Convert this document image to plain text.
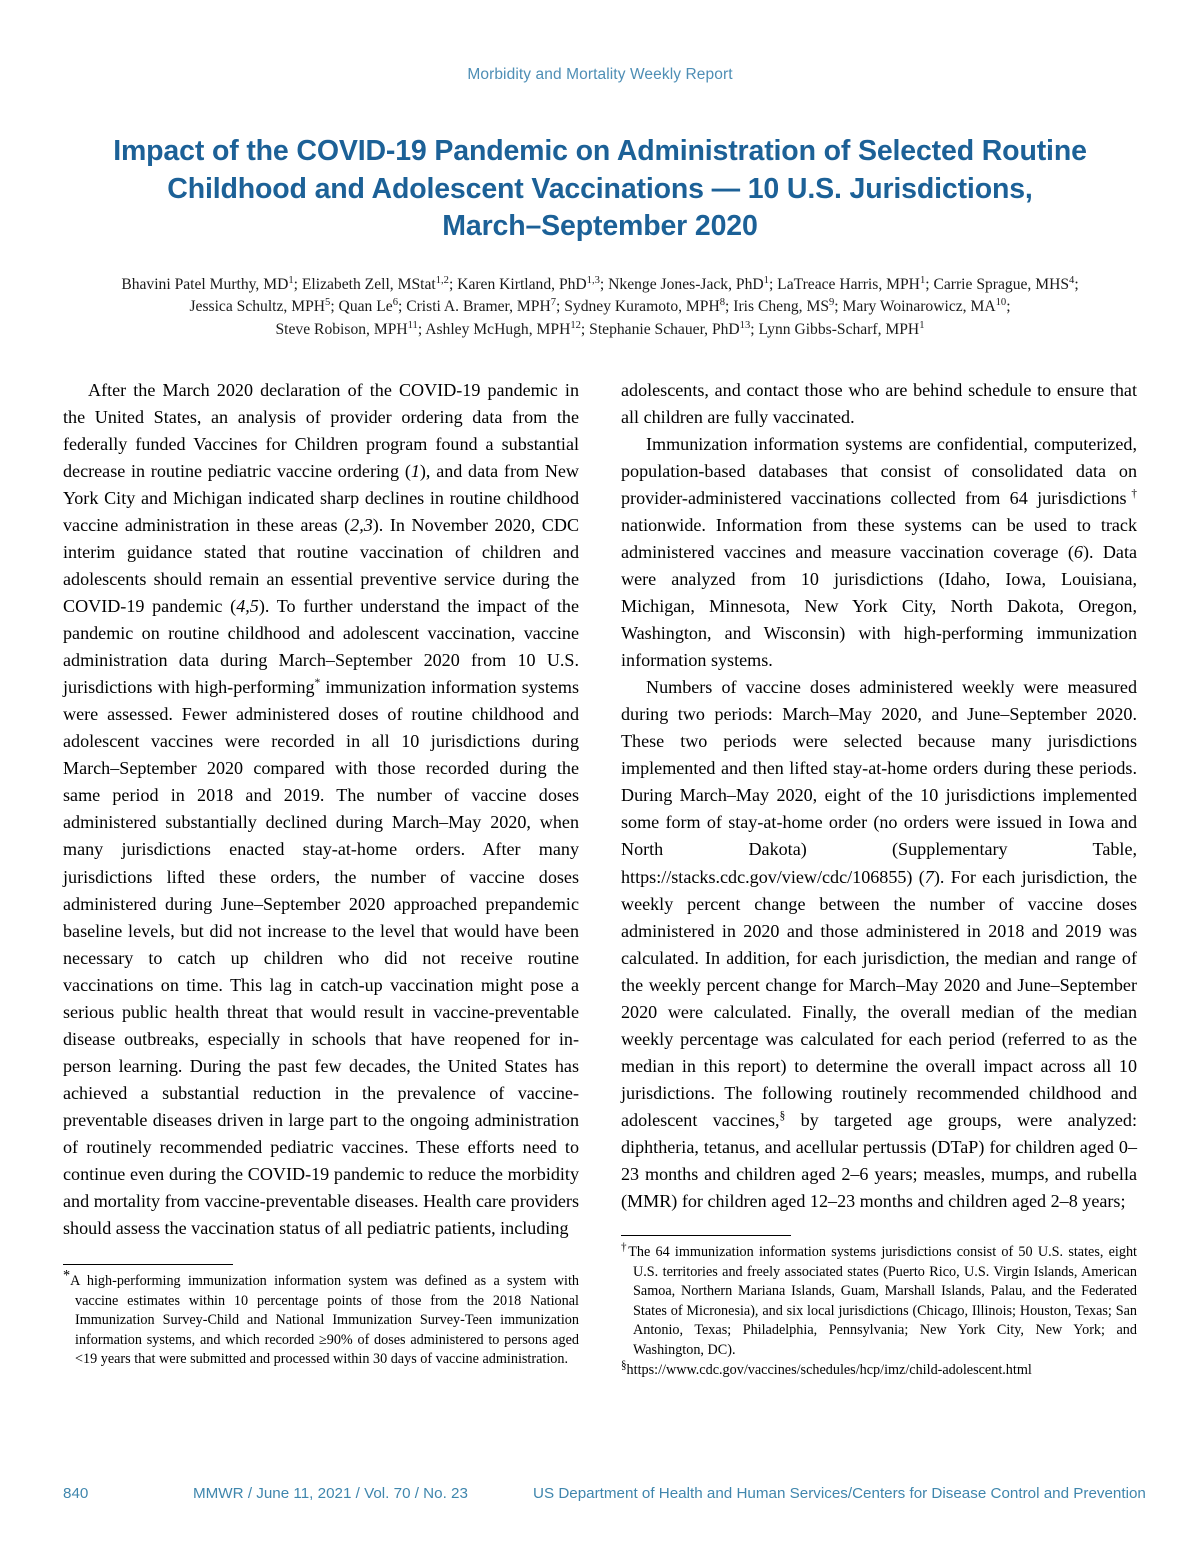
Morbidity and Mortality Weekly Report
Impact of the COVID-19 Pandemic on Administration of Selected Routine
Childhood and Adolescent Vaccinations — 10 U.S. Jurisdictions,
March–September 2020
Bhavini Patel Murthy, $MD^1$; Elizabeth Zell, MStat$^{1,2}$; Karen Kirtland, PhD$^{1,3}$; Nkenge Jones-Jack, PhD$^1$; LaTreace Harris, MPH$^1$; Carrie Sprague, MHS$^4$;
Jessica Schultz, MPH$^5$; Quan Le$^6$; Cristi A. Bramer, MPH$^7$; Sydney Kuramoto, MPH$^8$; Iris Cheng, $MS^9$; Mary Woinarowicz, MA$^{10}$;
Steve Robison, MPH$^{11}$; Ashley McHugh, MPH$^{12}$; Stephanie Schauer, PhD$^{13}$; Lynn Gibbs-Scharf, MPH$^1$

After the March 2020 declaration of the COVID-19 pandemic in the United States, an analysis of provider ordering data from the federally funded Vaccines for Children program found a substantial decrease in routine pediatric vaccine ordering (1), and data from New York City and Michigan indicated sharp declines in routine childhood vaccine administration in these areas (2,3). In November 2020, CDC interim guidance stated that routine vaccination of children and adolescents should remain an essential preventive service during the COVID-19 pandemic (4,5). To further understand the impact of the pandemic on routine childhood and adolescent vaccination, vaccine administration data during March–September 2020 from 10 U.S. jurisdictions with high-performing* immunization information systems were assessed. Fewer administered doses of routine childhood and adolescent vaccines were recorded in all 10 jurisdictions during March–September 2020 compared with those recorded during the same period in 2018 and 2019. The number of vaccine doses administered substantially declined during March–May 2020, when many jurisdictions enacted stay-at-home orders. After many jurisdictions lifted these orders, the number of vaccine doses administered during June–September 2020 approached prepandemic baseline levels, but did not increase to the level that would have been necessary to catch up children who did not receive routine vaccinations on time. This lag in catch-up vaccination might pose a serious public health threat that would result in vaccine-preventable disease outbreaks, especially in schools that have reopened for in-person learning. During the past few decades, the United States has achieved a substantial reduction in the prevalence of vaccine-preventable diseases driven in large part to the ongoing administration of routinely recommended pediatric vaccines. These efforts need to continue even during the COVID-19 pandemic to reduce the morbidity and mortality from vaccine-preventable diseases. Health care providers should assess the vaccination status of all pediatric patients, including

*A high-performing immunization information system was defined as a system with vaccine estimates within 10 percentage points of those from the 2018 National Immunization Survey-Child and National Immunization Survey-Teen immunization information systems, and which recorded ≥90% of doses administered to persons aged <19 years that were submitted and processed within 30 days of vaccine administration.

adolescents, and contact those who are behind schedule to ensure that all children are fully vaccinated.

Immunization information systems are confidential, computerized, population-based databases that consist of consolidated data on provider-administered vaccinations collected from 64 jurisdictions† nationwide. Information from these systems can be used to track administered vaccines and measure vaccination coverage (6). Data were analyzed from 10 jurisdictions (Idaho, Iowa, Louisiana, Michigan, Minnesota, New York City, North Dakota, Oregon, Washington, and Wisconsin) with high-performing immunization information systems.

Numbers of vaccine doses administered weekly were measured during two periods: March–May 2020, and June–September 2020. These two periods were selected because many jurisdictions implemented and then lifted stay-at-home orders during these periods. During March–May 2020, eight of the 10 jurisdictions implemented some form of stay-at-home order (no orders were issued in Iowa and North Dakota) (Supplementary Table, https://stacks.cdc.gov/view/cdc/106855) (7). For each jurisdiction, the weekly percent change between the number of vaccine doses administered in 2020 and those administered in 2018 and 2019 was calculated. In addition, for each jurisdiction, the median and range of the weekly percent change for March–May 2020 and June–September 2020 were calculated. Finally, the overall median of the median weekly percentage was calculated for each period (referred to as the median in this report) to determine the overall impact across all 10 jurisdictions. The following routinely recommended childhood and adolescent vaccines,§ by targeted age groups, were analyzed: diphtheria, tetanus, and acellular pertussis (DTaP) for children aged 0–23 months and children aged 2–6 years; measles, mumps, and rubella (MMR) for children aged 12–23 months and children aged 2–8 years;

†The 64 immunization information systems jurisdictions consist of 50 U.S. states, eight U.S. territories and freely associated states (Puerto Rico, U.S. Virgin Islands, American Samoa, Northern Mariana Islands, Guam, Marshall Islands, Palau, and the Federated States of Micronesia), and six local jurisdictions (Chicago, Illinois; Houston, Texas; San Antonio, Texas; Philadelphia, Pennsylvania; New York City, New York; and Washington, DC).

§https://www.cdc.gov/vaccines/schedules/hcp/imz/child-adolescent.html

840	MMWR / June 11, 2021 / Vol. 70 / No. 23	US Department of Health and Human Services/Centers for Disease Control and Prevention
